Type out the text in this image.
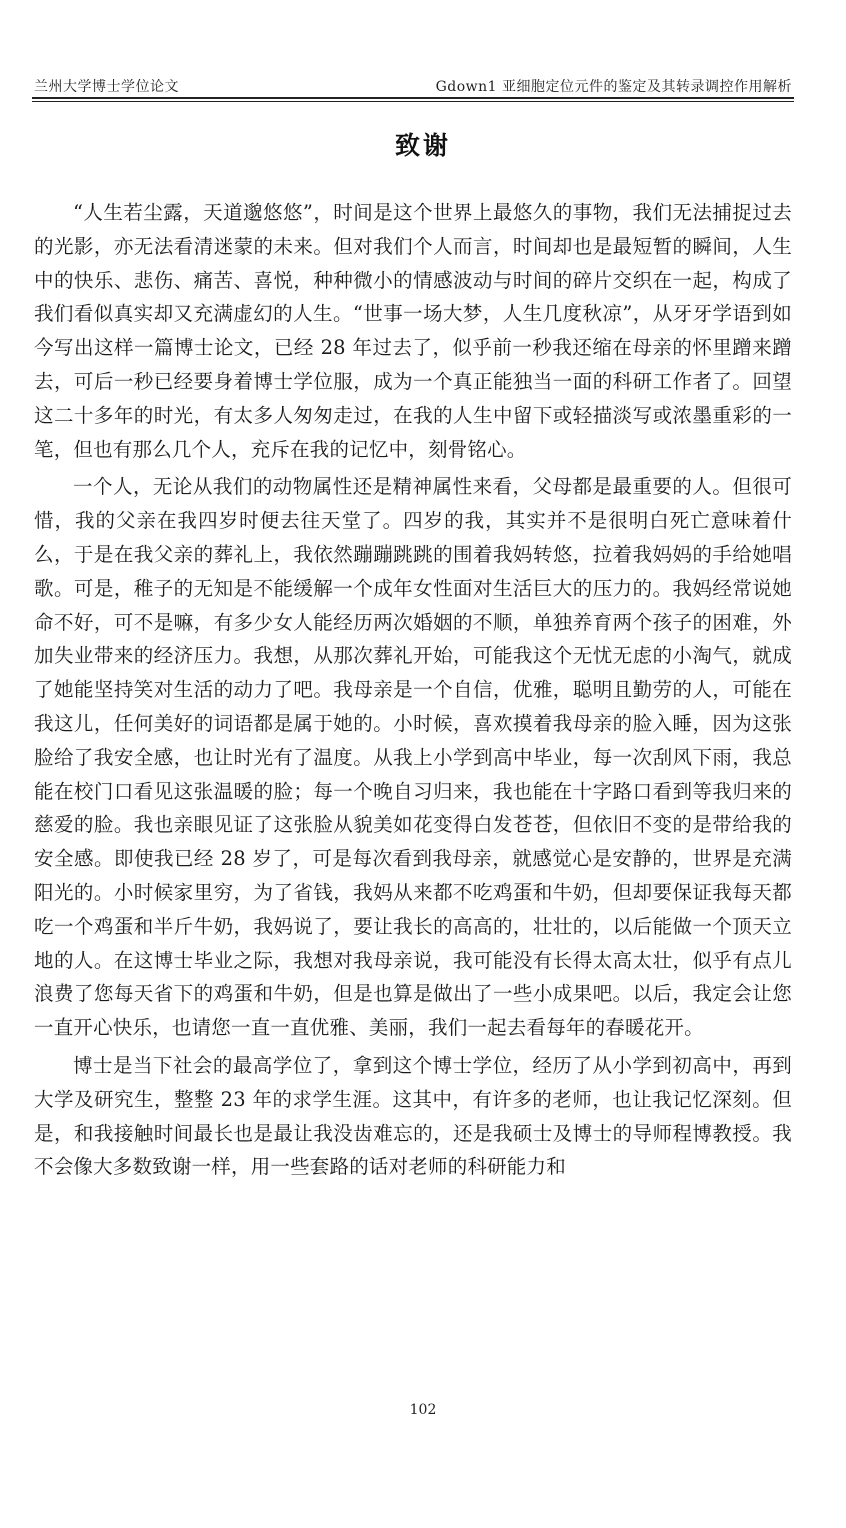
兰州大学博士学位论文	Gdown1 亚细胞定位元件的鉴定及其转录调控作用解析
致谢

“人生若尘露，天道邈悠悠”，时间是这个世界上最悠久的事物，我们无法捕捉过去的光影，亦无法看清迷蒙的未来。但对我们个人而言，时间却也是最短暂的瞬间，人生中的快乐、悲伤、痛苦、喜悦，种种微小的情感波动与时间的碎片交织在一起，构成了我们看似真实却又充满虚幻的人生。“世事一场大梦，人生几度秋凉”，从牙牙学语到如今写出这样一篇博士论文，已经 28 年过去了，似乎前一秒我还缩在母亲的怀里蹭来蹭去，可后一秒已经要身着博士学位服，成为一个真正能独当一面的科研工作者了。回望这二十多年的时光，有太多人匆匆走过，在我的人生中留下或轻描淡写或浓墨重彩的一笔，但也有那么几个人，充斥在我的记忆中，刻骨铭心。

一个人，无论从我们的动物属性还是精神属性来看，父母都是最重要的人。但很可惜，我的父亲在我四岁时便去往天堂了。四岁的我，其实并不是很明白死亡意味着什么，于是在我父亲的葬礼上，我依然蹦蹦跳跳的围着我妈转悠，拉着我妈妈的手给她唱歌。可是，稚子的无知是不能缓解一个成年女性面对生活巨大的压力的。我妈经常说她命不好，可不是嘛，有多少女人能经历两次婚姻的不顺，单独养育两个孩子的困难，外加失业带来的经济压力。我想，从那次葬礼开始，可能我这个无忧无虑的小淘气，就成了她能坚持笑对生活的动力了吧。我母亲是一个自信，优雅，聪明且勤劳的人，可能在我这儿，任何美好的词语都是属于她的。小时候，喜欢摸着我母亲的脸入睡，因为这张脸给了我安全感，也让时光有了温度。从我上小学到高中毕业，每一次刮风下雨，我总能在校门口看见这张温暖的脸；每一个晚自习归来，我也能在十字路口看到等我归来的慈爱的脸。我也亲眼见证了这张脸从貌美如花变得白发苍苍，但依旧不变的是带给我的安全感。即使我已经 28 岁了，可是每次看到我母亲，就感觉心是安静的，世界是充满阳光的。小时候家里穷，为了省钱，我妈从来都不吃鸡蛋和牛奶，但却要保证我每天都吃一个鸡蛋和半斤牛奶，我妈说了，要让我长的高高的，壮壮的，以后能做一个顶天立地的人。在这博士毕业之际，我想对我母亲说，我可能没有长得太高太壮，似乎有点儿浪费了您每天省下的鸡蛋和牛奶，但是也算是做出了一些小成果吧。以后，我定会让您一直开心快乐，也请您一直一直优雅、美丽，我们一起去看每年的春暖花开。

博士是当下社会的最高学位了，拿到这个博士学位，经历了从小学到初高中，再到大学及研究生，整整 23 年的求学生涯。这其中，有许多的老师，也让我记忆深刻。但是，和我接触时间最长也是最让我没齿难忘的，还是我硕士及博士的导师程博教授。我不会像大多数致谢一样，用一些套路的话对老师的科研能力和

102
